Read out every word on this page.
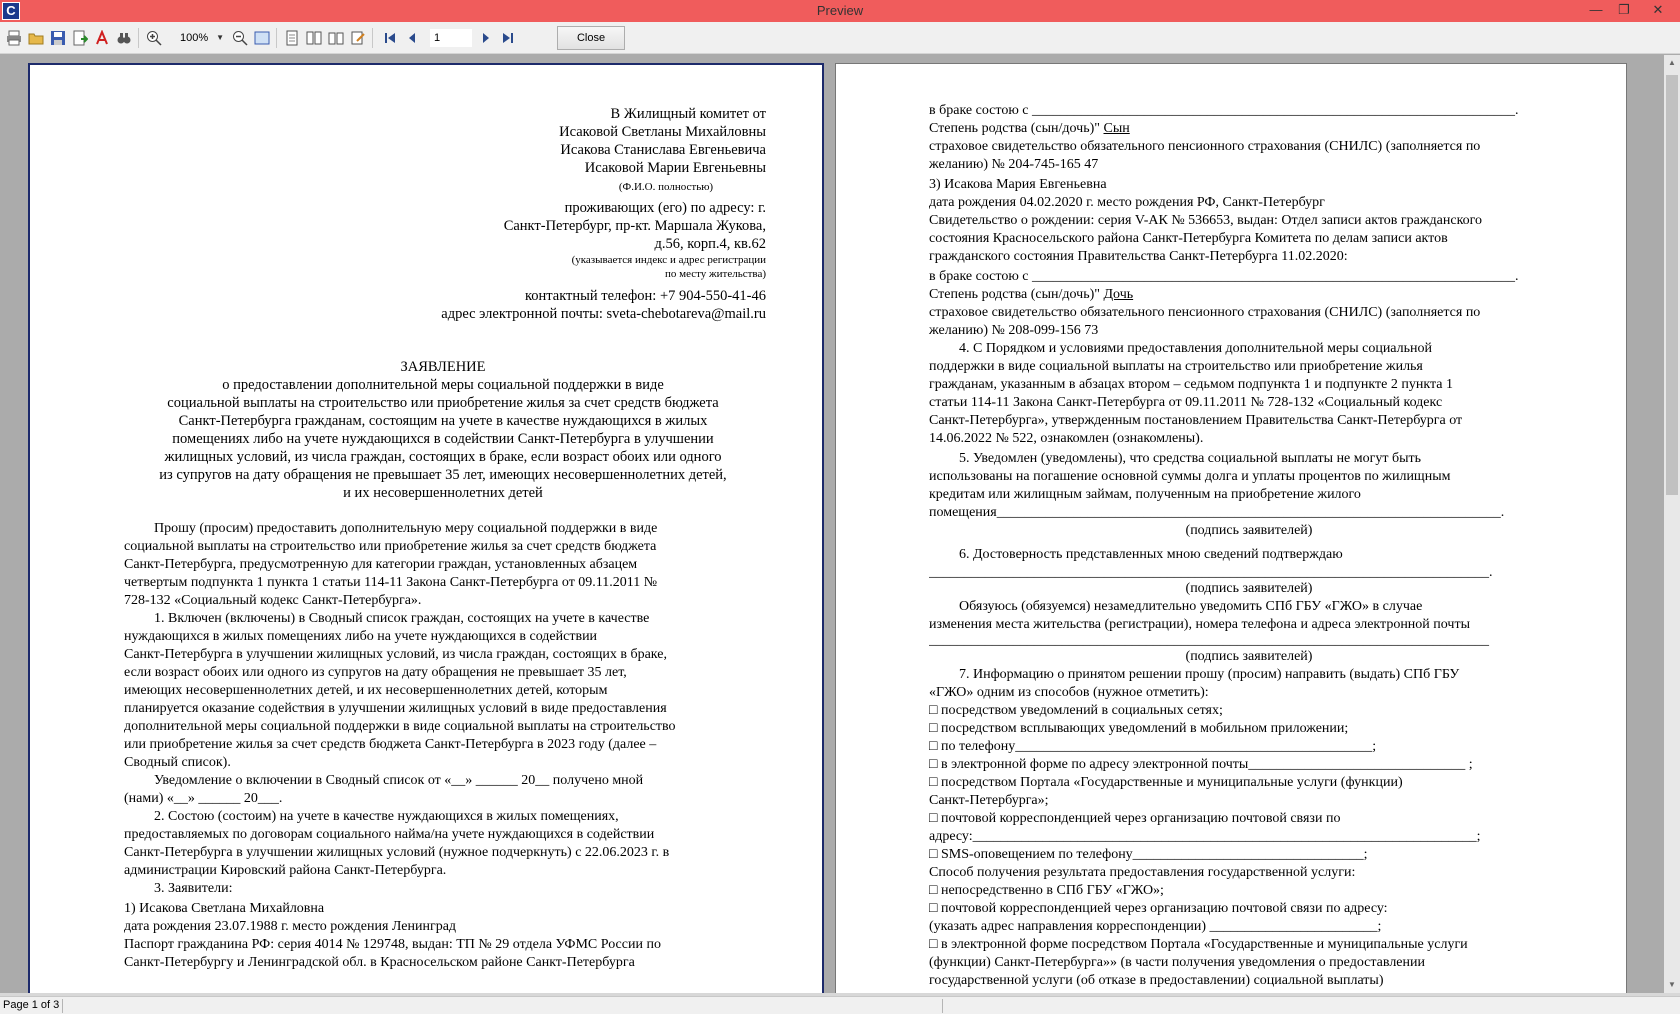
C	Preview	—	❐	✕
100% ▼	1	Close
В Жилищный комитет от
Исаковой Светланы Михайловны
Исакова Станислава Евгеньевича
Исаковой Марии Евгеньевны
(Ф.И.О. полностью)
проживающих (его) по адресу: г.
Санкт-Петербург, пр-кт. Маршала Жукова,
д.56, корп.4, кв.62
(указывается индекс и адрес регистрации
по месту жительства)
контактный телефон: +7 904-550-41-46
адрес электронной почты: sveta-chebotareva@mail.ru
ЗАЯВЛЕНИЕ
о предоставлении дополнительной меры социальной поддержки в виде
социальной выплаты на строительство или приобретение жилья за счет средств бюджета
Санкт-Петербурга гражданам, состоящим на учете в качестве нуждающихся в жилых
помещениях либо на учете нуждающихся в содействии Санкт-Петербурга в улучшении
жилищных условий, из числа граждан, состоящих в браке, если возраст обоих или одного
из супругов на дату обращения не превышает 35 лет, имеющих несовершеннолетних детей,
и их несовершеннолетних детей
Прошу (просим) предоставить дополнительную меру социальной поддержки в виде
социальной выплаты на строительство или приобретение жилья за счет средств бюджета
Санкт-Петербурга, предусмотренную для категории граждан, установленных абзацем
четвертым подпункта 1 пункта 1 статьи 114-11 Закона Санкт-Петербурга от 09.11.2011 №
728-132 «Социальный кодекс Санкт-Петербурга».
1. Включен (включены) в Сводный список граждан, состоящих на учете в качестве
нуждающихся в жилых помещениях либо на учете нуждающихся в содействии
Санкт-Петербурга в улучшении жилищных условий, из числа граждан, состоящих в браке,
если возраст обоих или одного из супругов на дату обращения не превышает 35 лет,
имеющих несовершеннолетних детей, и их несовершеннолетних детей, которым
планируется оказание содействия в улучшении жилищных условий в виде предоставления
дополнительной меры социальной поддержки в виде социальной выплаты на строительство
или приобретение жилья за счет средств бюджета Санкт-Петербурга в 2023 году (далее –
Сводный список).
Уведомление о включении в Сводный список от «__» ______ 20__ получено мной
(нами) «__» ______ 20___.
2. Состою (состоим) на учете в качестве нуждающихся в жилых помещениях,
предоставляемых по договорам социального найма/на учете нуждающихся в содействии
Санкт-Петербурга в улучшении жилищных условий (нужное подчеркнуть) с 22.06.2023 г. в
администрации Кировский района Санкт-Петербурга.
3. Заявители:
1) Исакова Светлана Михайловна
дата рождения 23.07.1988 г. место рождения Ленинград
Паспорт гражданина РФ: серия 4014 № 129748, выдан: ТП № 29 отдела УФМС России по
Санкт-Петербургу и Ленинградской обл. в Красносельском районе Санкт-Петербурга
в браке состою с _____________________________________________________________________.
Степень родства (сын/дочь)" Сын
страховое свидетельство обязательного пенсионного страхования (СНИЛС) (заполняется по
желанию) № 204-745-165 47
3) Исакова Мария Евгеньевна
дата рождения 04.02.2020 г. место рождения РФ, Санкт-Петербург
Свидетельство о рождении: серия V-АК № 536653, выдан: Отдел записи актов гражданского
состояния Красносельского района Санкт-Петербурга Комитета по делам записи актов
гражданского состояния Правительства Санкт-Петербурга 11.02.2020:
в браке состою с _____________________________________________________________________.
Степень родства (сын/дочь)" Дочь
страховое свидетельство обязательного пенсионного страхования (СНИЛС) (заполняется по
желанию) № 208-099-156 73
4. С Порядком и условиями предоставления дополнительной меры социальной
поддержки в виде социальной выплаты на строительство или приобретение жилья
гражданам, указанным в абзацах втором – седьмом подпункта 1 и подпункте 2 пункта 1
статьи 114-11 Закона Санкт-Петербурга от 09.11.2011 № 728-132 «Социальный кодекс
Санкт-Петербурга», утвержденным постановлением Правительства Санкт-Петербурга от
14.06.2022 № 522, ознакомлен (ознакомлены).
5. Уведомлен (уведомлены), что средства социальной выплаты не могут быть
использованы на погашение основной суммы долга и уплаты процентов по жилищным
кредитам или жилищным займам, полученным на приобретение жилого
помещения________________________________________________________________________.
(подпись заявителей)
6. Достоверность представленных мною сведений подтверждаю
________________________________________________________________________________.
(подпись заявителей)
Обязуюсь (обязуемся) незамедлительно уведомить СПб ГБУ «ГЖО» в случае
изменения места жительства (регистрации), номера телефона и адреса электронной почты
________________________________________________________________________________
(подпись заявителей)
7. Информацию о принятом решении прошу (просим) направить (выдать) СПб ГБУ
«ГЖО» одним из способов (нужное отметить):
□ посредством уведомлений в социальных сетях;
□ посредством всплывающих уведомлений в мобильном приложении;
□ по телефону___________________________________________________;
□ в электронной форме по адресу электронной почты_______________________________ ;
□ посредством Портала «Государственные и муниципальные услуги (функции)
Санкт-Петербурга»;
□ почтовой корреспонденцией через организацию почтовой связи по
адресу:________________________________________________________________________;
□ SMS-оповещением по телефону_________________________________;
Способ получения результата предоставления государственной услуги:
□ непосредственно в СПб ГБУ «ГЖО»;
□ почтовой корреспонденцией через организацию почтовой связи по адресу:
(указать адрес направления корреспонденции) ________________________;
□ в электронной форме посредством Портала «Государственные и муниципальные услуги
(функции) Санкт-Петербурга»» (в части получения уведомления о предоставлении
государственной услуги (об отказе в предоставлении) социальной выплаты)
▲
▼
Page 1 of 3
